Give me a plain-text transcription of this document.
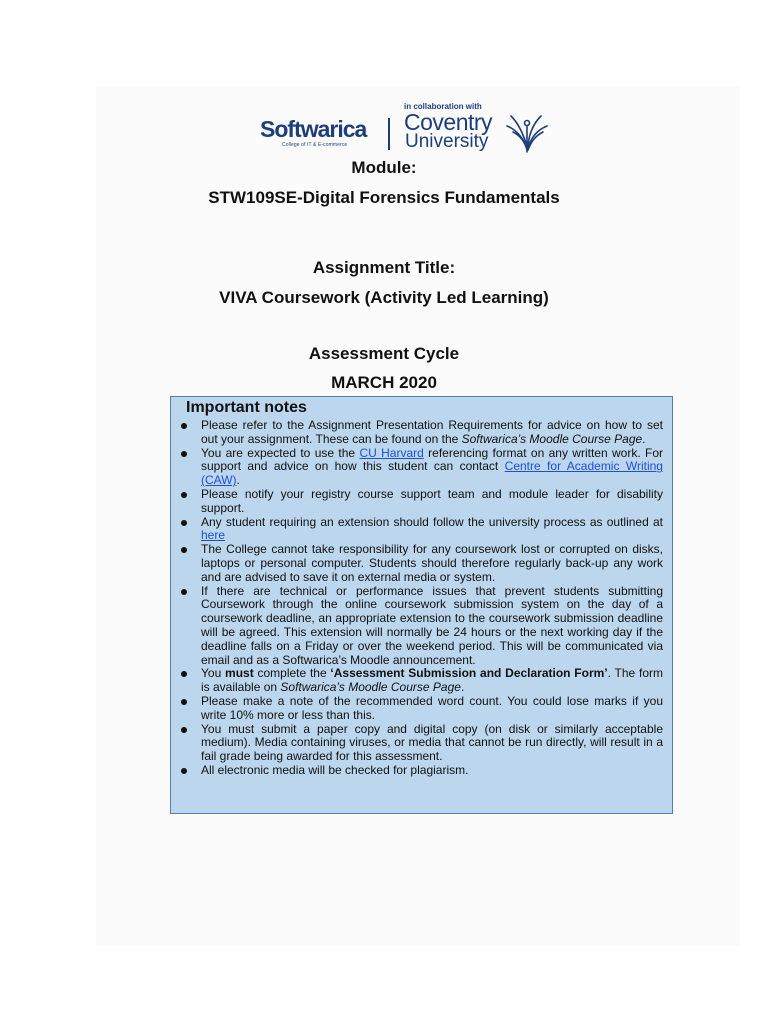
Softwarica
College of IT & E-commerce
in collaboration with
Coventry
University
Module:
STW109SE-Digital Forensics Fundamentals
Assignment Title:
VIVA Coursework (Activity Led Learning)
Assessment Cycle
MARCH 2020
Important notes
Please refer to the Assignment Presentation Requirements for advice on how to set out your assignment. These can be found on the Softwarica’s Moodle Course Page.
You are expected to use the CU Harvard referencing format on any written work. For support and advice on how this student can contact Centre for Academic Writing (CAW).
Please notify your registry course support team and module leader for disability support.
Any student requiring an extension should follow the university process as outlined at here
The College cannot take responsibility for any coursework lost or corrupted on disks, laptops or personal computer. Students should therefore regularly back-up any work and are advised to save it on external media or system.
If there are technical or performance issues that prevent students submitting Coursework through the online coursework submission system on the day of a coursework deadline, an appropriate extension to the coursework submission deadline will be agreed. This extension will normally be 24 hours or the next working day if the deadline falls on a Friday or over the weekend period. This will be communicated via email and as a Softwarica’s Moodle announcement.
You must complete the ‘Assessment Submission and Declaration Form’. The form is available on Softwarica’s Moodle Course Page.
Please make a note of the recommended word count. You could lose marks if you write 10% more or less than this.
You must submit a paper copy and digital copy (on disk or similarly acceptable medium). Media containing viruses, or media that cannot be run directly, will result in a fail grade being awarded for this assessment.
All electronic media will be checked for plagiarism.
